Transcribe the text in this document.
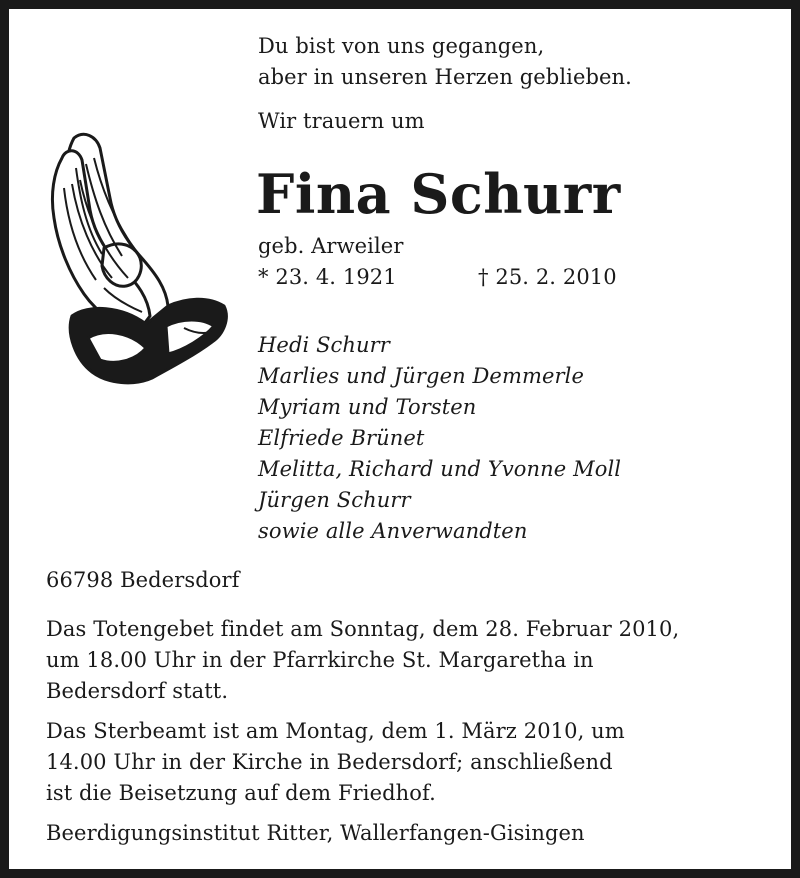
Du bist von uns gegangen,
aber in unseren Herzen geblieben.
Wir trauern um
Fina Schurr
geb. Arweiler
* 23. 4. 1921	† 25. 2. 2010
Hedi Schurr
Marlies und Jürgen Demmerle
Myriam und Torsten
Elfriede Brünet
Melitta, Richard und Yvonne Moll
Jürgen Schurr
sowie alle Anverwandten
66798 Bedersdorf
Das Totengebet findet am Sonntag, dem 28. Februar 2010,
um 18.00 Uhr in der Pfarrkirche St. Margaretha in
Bedersdorf statt.
Das Sterbeamt ist am Montag, dem 1. März 2010, um
14.00 Uhr in der Kirche in Bedersdorf; anschließend
ist die Beisetzung auf dem Friedhof.
Beerdigungsinstitut Ritter, Wallerfangen-Gisingen
